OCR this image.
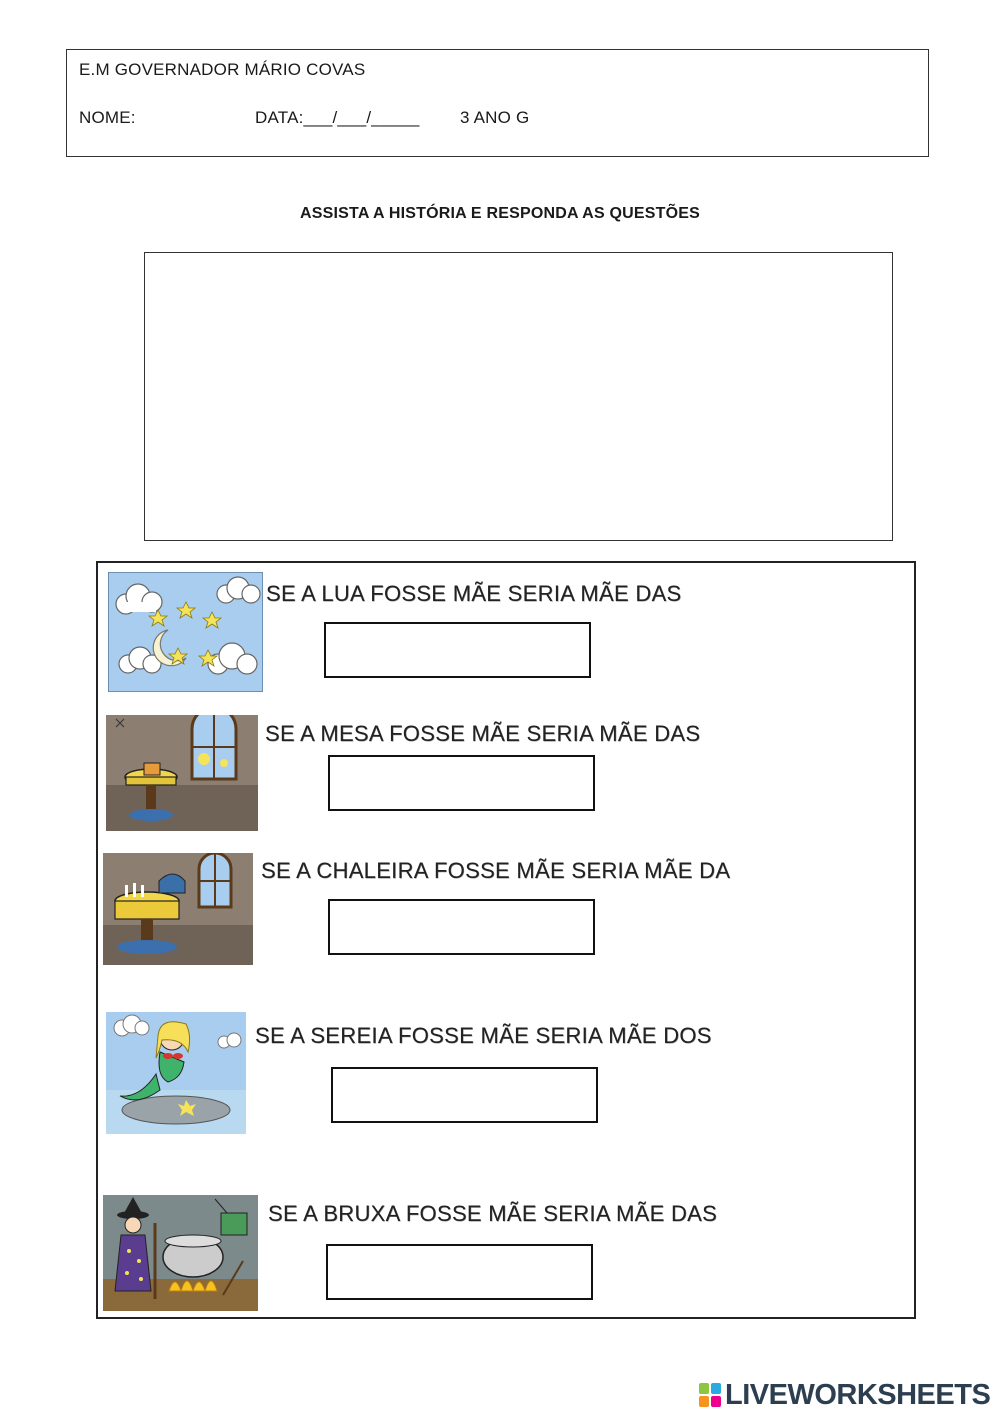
E.M GOVERNADOR MÁRIO COVAS
NOME:	DATA:___/___/_____ 3 ANO G
ASSISTA A HISTÓRIA E RESPONDA AS QUESTÕES
SE A LUA FOSSE MÃE SERIA MÃE DAS
SE A MESA FOSSE MÃE SERIA MÃE DAS
SE A CHALEIRA FOSSE MÃE SERIA MÃE DA
SE A SEREIA FOSSE MÃE SERIA MÃE DOS
SE A BRUXA FOSSE MÃE SERIA MÃE DAS
LIVEWORKSHEETS
